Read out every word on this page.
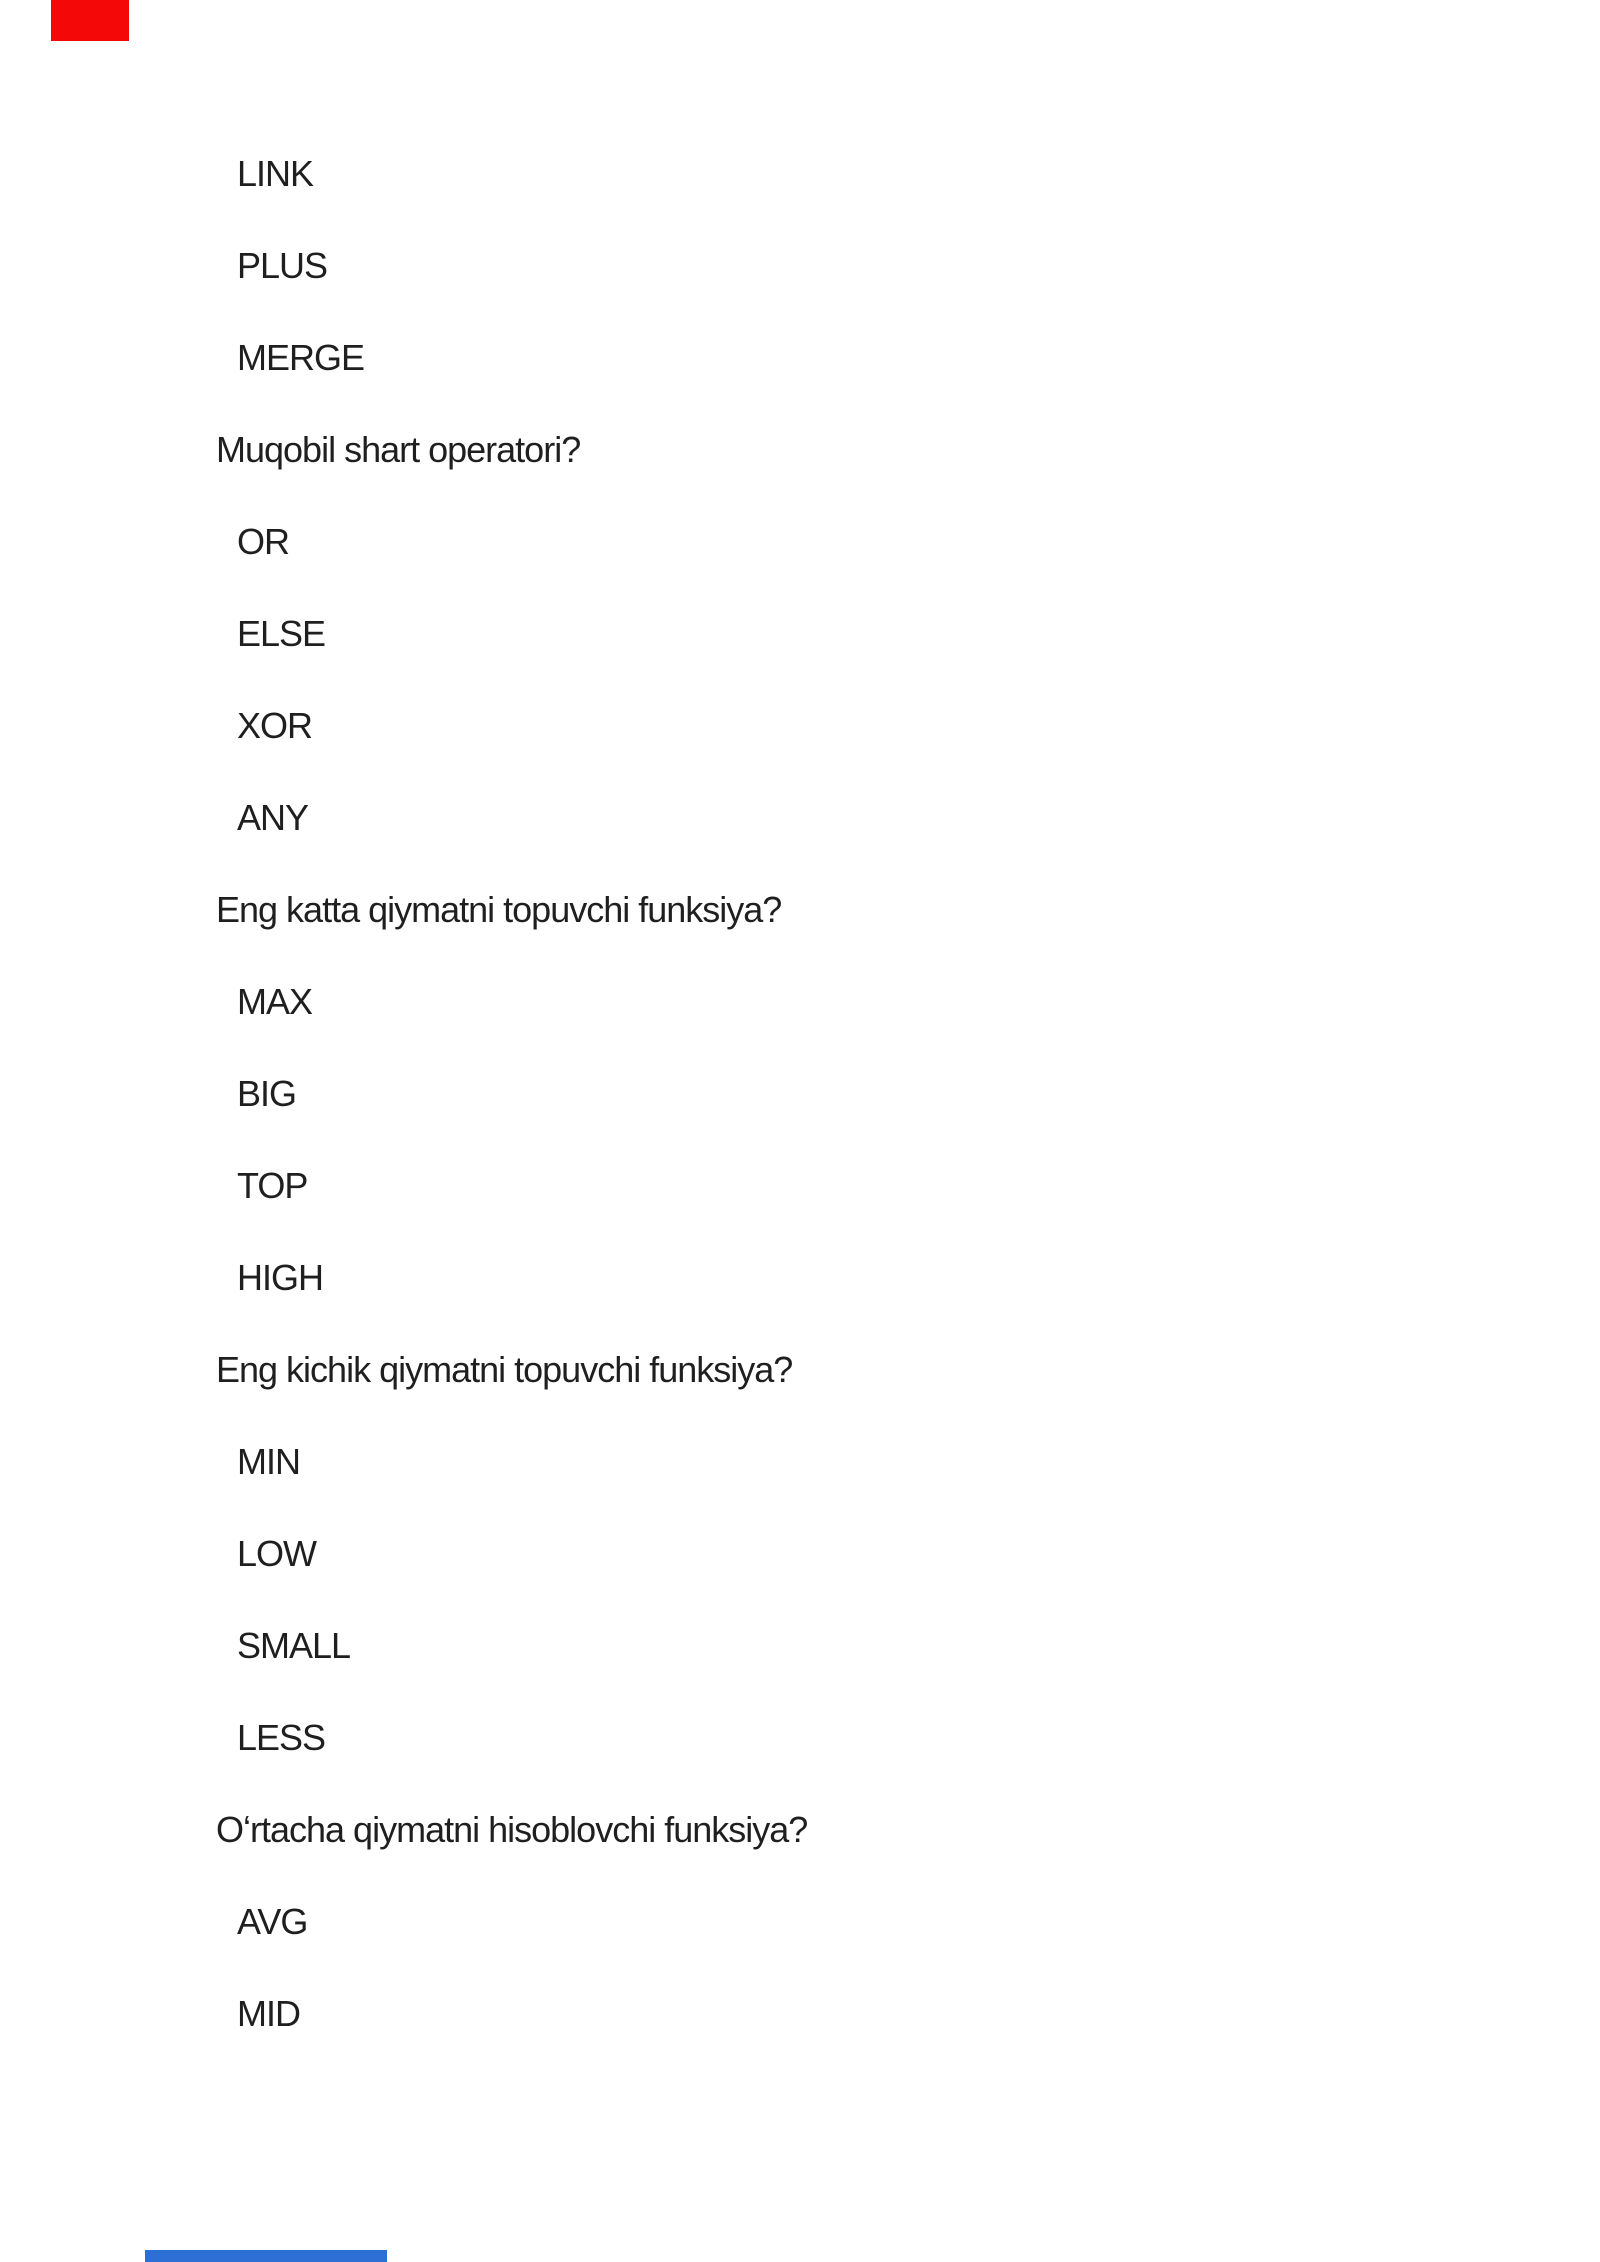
LINK
PLUS
MERGE
Muqobil shart operatori?
OR
ELSE
XOR
ANY
Eng katta qiymatni topuvchi funksiya?
MAX
BIG
TOP
HIGH
Eng kichik qiymatni topuvchi funksiya?
MIN
LOW
SMALL
LESS
Oʻrtacha qiymatni hisoblovchi funksiya?
AVG
MID
